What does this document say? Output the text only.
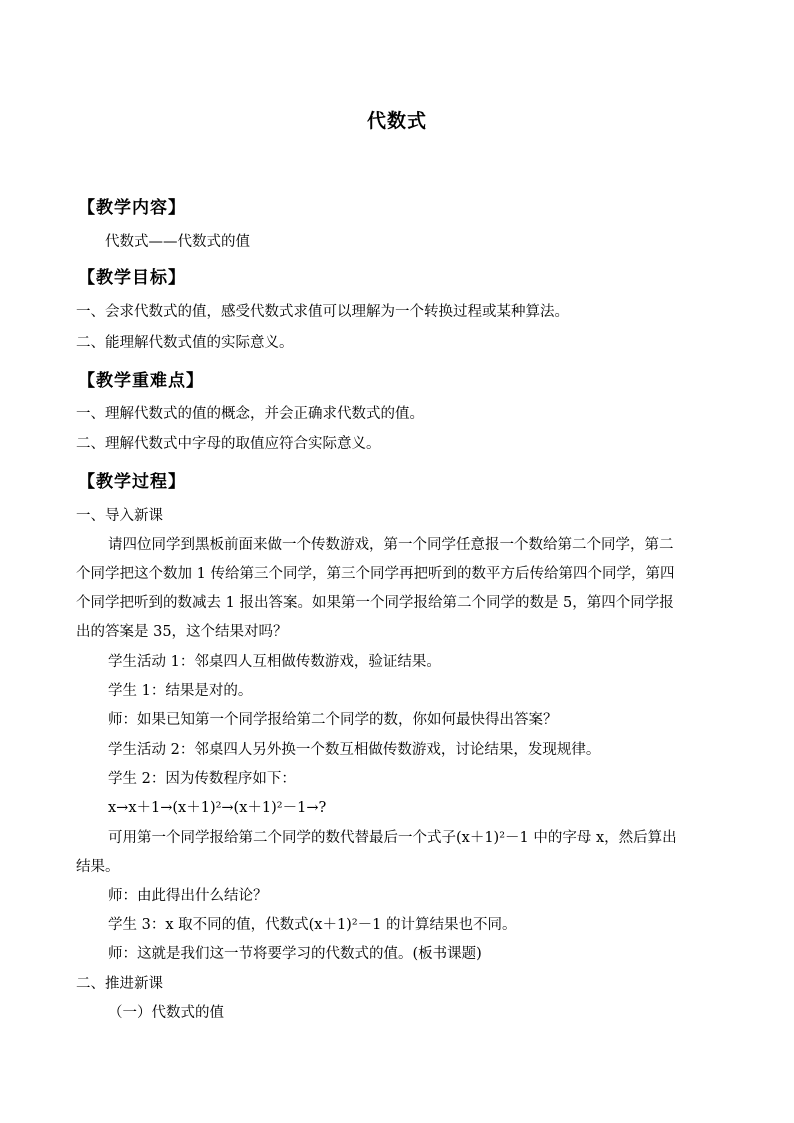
代数式
【教学内容】
代数式——代数式的值
【教学目标】
一、会求代数式的值，感受代数式求值可以理解为一个转换过程或某种算法。
二、能理解代数式值的实际意义。
【教学重难点】
一、理解代数式的值的概念，并会正确求代数式的值。
二、理解代数式中字母的取值应符合实际意义。
【教学过程】
一、导入新课
请四位同学到黑板前面来做一个传数游戏，第一个同学任意报一个数给第二个同学，第二
个同学把这个数加 1 传给第三个同学，第三个同学再把听到的数平方后传给第四个同学，第四
个同学把听到的数减去 1 报出答案。如果第一个同学报给第二个同学的数是 5，第四个同学报
出的答案是 35，这个结果对吗？
学生活动 1：邻桌四人互相做传数游戏，验证结果。
学生 1：结果是对的。
师：如果已知第一个同学报给第二个同学的数，你如何最快得出答案？
学生活动 2：邻桌四人另外换一个数互相做传数游戏，讨论结果，发现规律。
学生 2：因为传数程序如下：
x→x＋1→(x＋1)²→(x＋1)²－1→?
可用第一个同学报给第二个同学的数代替最后一个式子(x＋1)²－1 中的字母 x，然后算出
结果。
师：由此得出什么结论？
学生 3：x 取不同的值，代数式(x＋1)²－1 的计算结果也不同。
师：这就是我们这一节将要学习的代数式的值。(板书课题)
二、推进新课
（一）代数式的值
